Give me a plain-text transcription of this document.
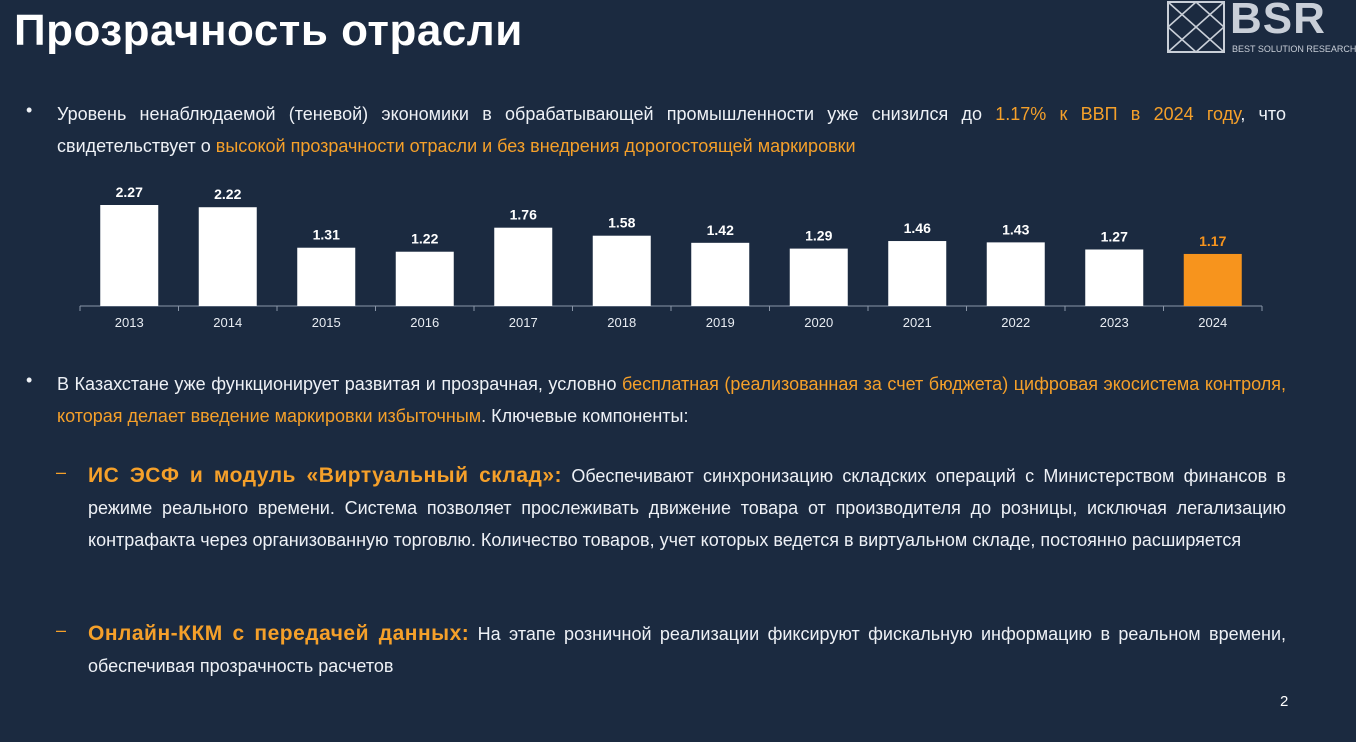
Прозрачность отрасли	BSR
BEST SOLUTION RESEARCH
• Уровень ненаблюдаемой (теневой) экономики в обрабатывающей промышленности уже снизился до 1.17% к ВВП в 2024 году, что свидетельствует о высокой прозрачности отрасли и без внедрения дорогостоящей маркировки
2.27
2013
2.22
2014
1.31
2015
1.22
2016
1.76
2017
1.58
2018
1.42
2019
1.29
2020
1.46
2021
1.43
2022
1.27
2023
1.17
2024
• В Казахстане уже функционирует развитая и прозрачная, условно бесплатная (реализованная за счет бюджета) цифровая экосистема контроля, которая делает введение маркировки избыточным. Ключевые компоненты:
– ИС ЭСФ и модуль «Виртуальный склад»: Обеспечивают синхронизацию складских операций с Министерством финансов в режиме реального времени. Система позволяет прослеживать движение товара от производителя до розницы, исключая легализацию контрафакта через организованную торговлю. Количество товаров, учет которых ведется в виртуальном складе, постоянно расширяется
– Онлайн-ККМ с передачей данных: На этапе розничной реализации фиксируют фискальную информацию в реальном времени, обеспечивая прозрачность расчетов
2
